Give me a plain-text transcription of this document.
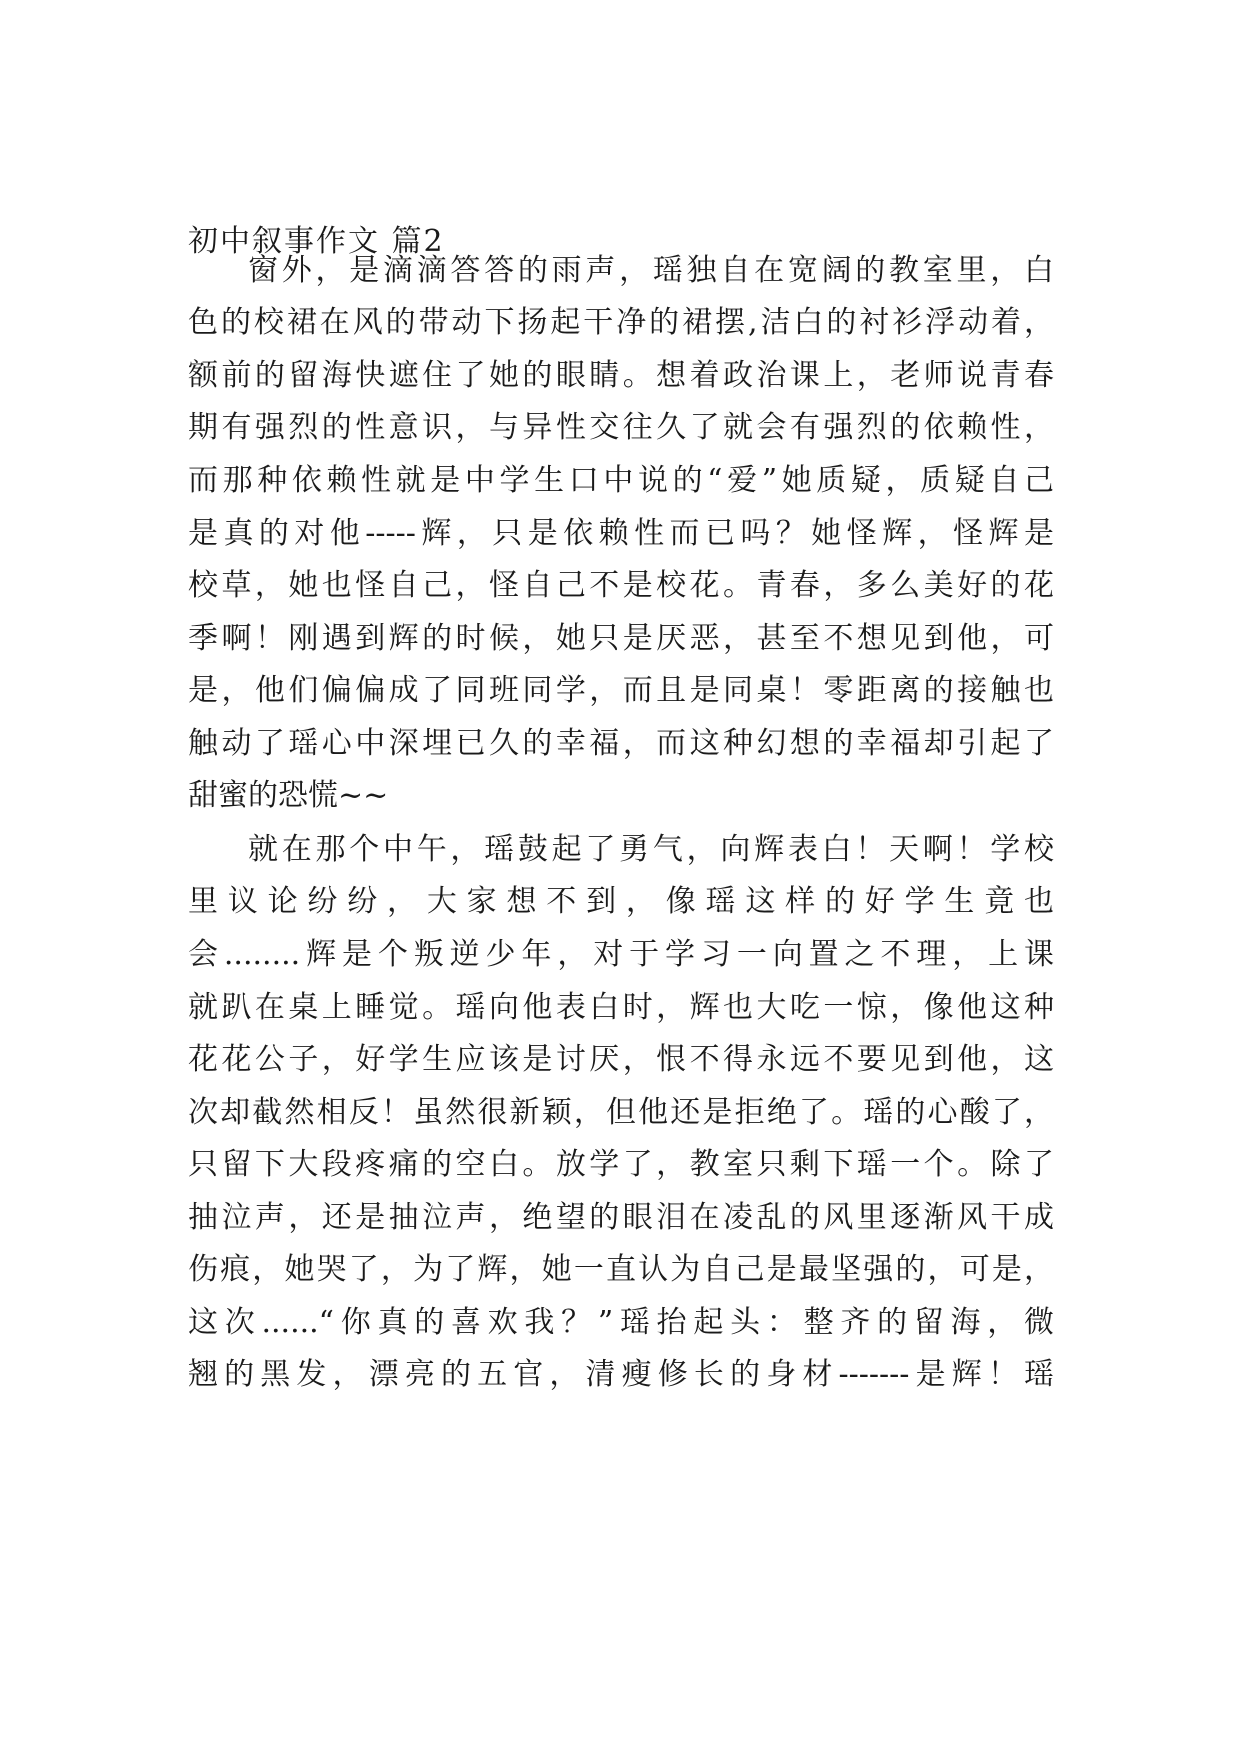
初中叙事作文 篇2
窗外，是滴滴答答的雨声，瑶独自在宽阔的教室里，白
色的校裙在风的带动下扬起干净的裙摆,洁白的衬衫浮动着，
额前的留海快遮住了她的眼睛。想着政治课上，老师说青春
期有强烈的性意识，与异性交往久了就会有强烈的依赖性，
而那种依赖性就是中学生口中说的“爱”她质疑，质疑自己
是真的对他-----辉，只是依赖性而已吗？她怪辉，怪辉是
校草，她也怪自己，怪自己不是校花。青春，多么美好的花
季啊！刚遇到辉的时候，她只是厌恶，甚至不想见到他，可
是，他们偏偏成了同班同学，而且是同桌！零距离的接触也
触动了瑶心中深埋已久的幸福，而这种幻想的幸福却引起了
甜蜜的恐慌~~
就在那个中午，瑶鼓起了勇气，向辉表白！天啊！学校
里议论纷纷，大家想不到，像瑶这样的好学生竟也
会........辉是个叛逆少年，对于学习一向置之不理，上课
就趴在桌上睡觉。瑶向他表白时，辉也大吃一惊，像他这种
花花公子，好学生应该是讨厌，恨不得永远不要见到他，这
次却截然相反！虽然很新颖，但他还是拒绝了。瑶的心酸了，
只留下大段疼痛的空白。放学了，教室只剩下瑶一个。除了
抽泣声，还是抽泣声，绝望的眼泪在凌乱的风里逐渐风干成
伤痕，她哭了，为了辉，她一直认为自己是最坚强的，可是，
这次......“你真的喜欢我？”瑶抬起头：整齐的留海，微
翘的黑发，漂亮的五官，清瘦修长的身材-------是辉！瑶
